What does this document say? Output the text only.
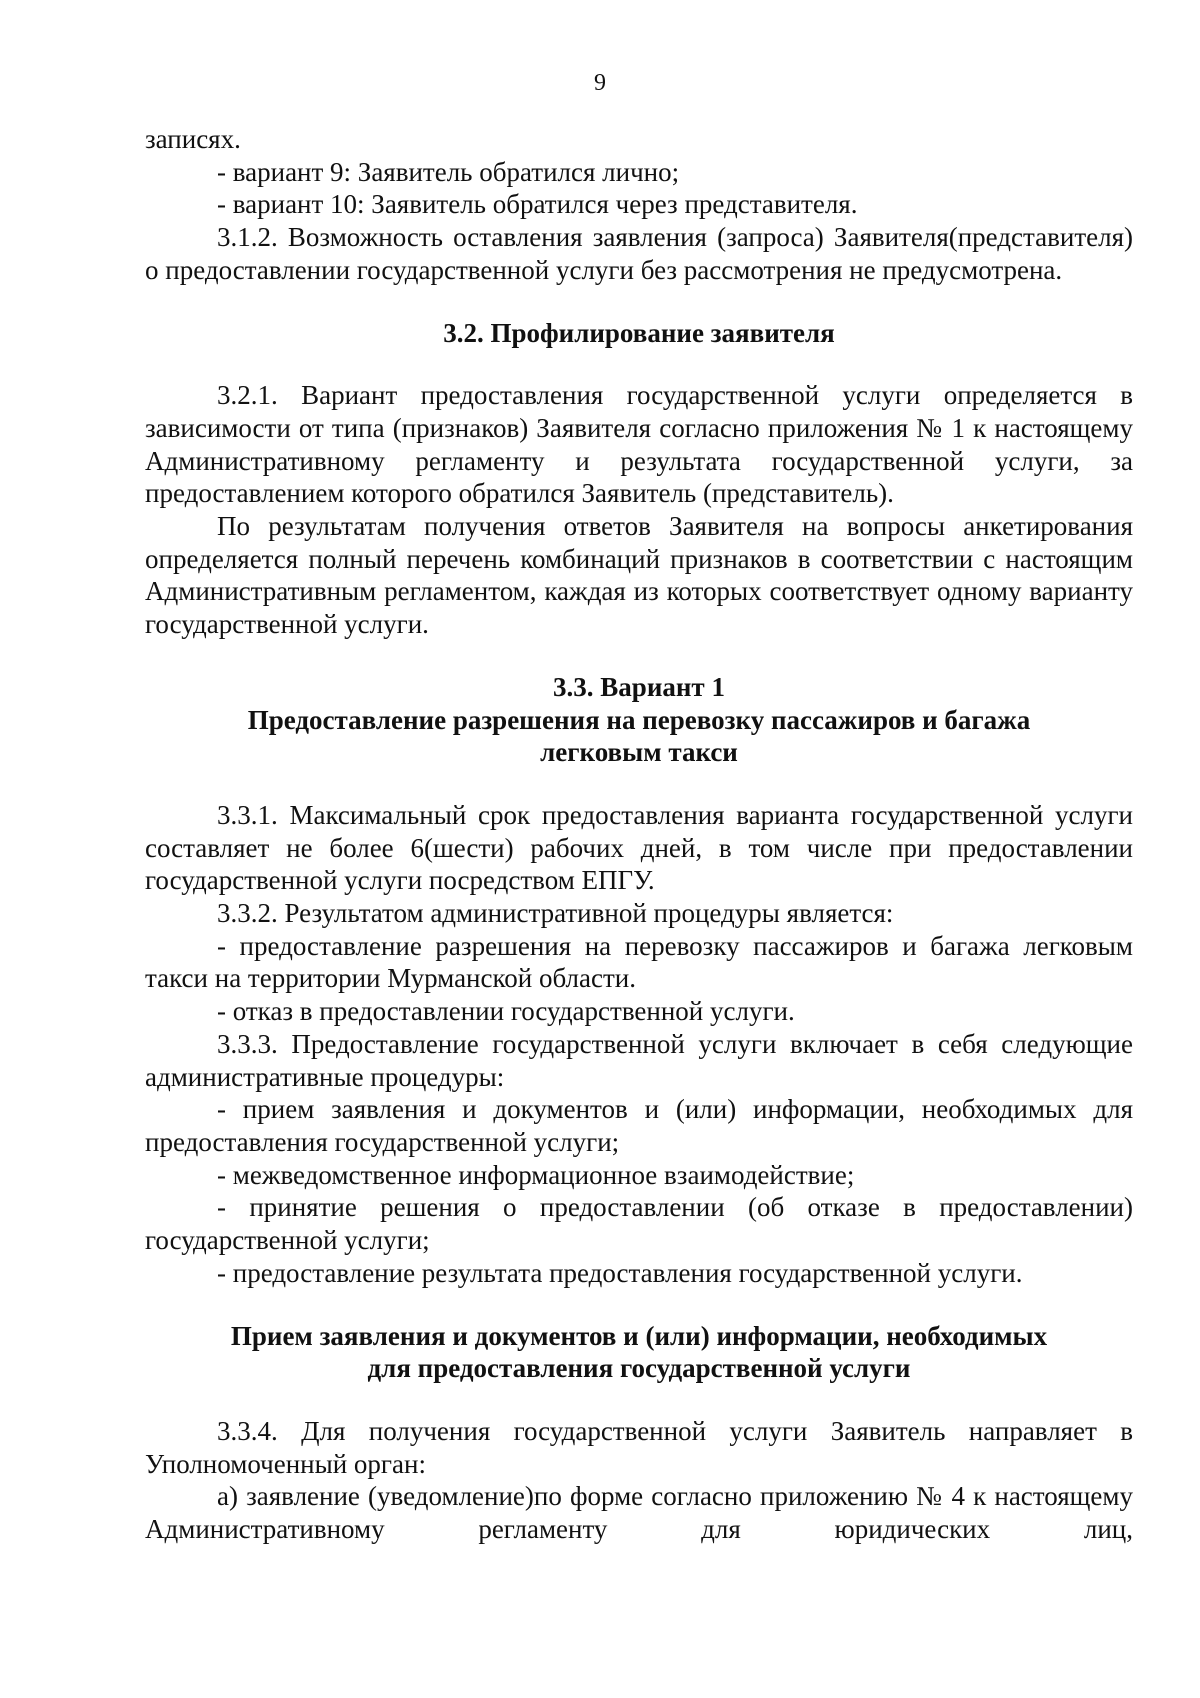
9

записях.

- вариант 9: Заявитель обратился лично;

- вариант 10: Заявитель обратился через представителя.

3.1.2. Возможность оставления заявления (запроса) Заявителя(представителя) о предоставлении государственной услуги без рассмотрения не предусмотрена.

3.2. Профилирование заявителя

3.2.1. Вариант предоставления государственной услуги определяется в зависимости от типа (признаков) Заявителя согласно приложения № 1 к настоящему Административному регламенту и результата государственной услуги, за предоставлением которого обратился Заявитель (представитель).

По результатам получения ответов Заявителя на вопросы анкетирования определяется полный перечень комбинаций признаков в соответствии с настоящим Административным регламентом, каждая из которых соответствует одному варианту государственной услуги.

3.3. Вариант 1

Предоставление разрешения на перевозку пассажиров и багажа

легковым такси

3.3.1. Максимальный срок предоставления варианта государственной услуги составляет не более 6(шести) рабочих дней, в том числе при предоставлении государственной услуги посредством ЕПГУ.

3.3.2. Результатом административной процедуры является:

- предоставление разрешения на перевозку пассажиров и багажа легковым такси на территории Мурманской области.

- отказ в предоставлении государственной услуги.

3.3.3. Предоставление государственной услуги включает в себя следующие административные процедуры:

- прием заявления и документов и (или) информации, необходимых для предоставления государственной услуги;

- межведомственное информационное взаимодействие;

- принятие решения о предоставлении (об отказе в предоставлении) государственной услуги;

- предоставление результата предоставления государственной услуги.

Прием заявления и документов и (или) информации, необходимых

для предоставления государственной услуги

3.3.4. Для получения государственной услуги Заявитель направляет в Уполномоченный орган:

а) заявление (уведомление)по форме согласно приложению № 4 к настоящему Административному регламенту для юридических лиц,
